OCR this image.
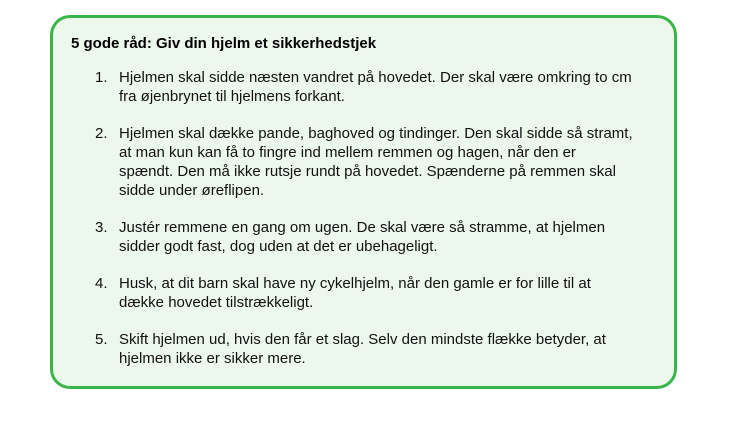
5 gode råd: Giv din hjelm et sikkerhedstjek
1. Hjelmen skal sidde næsten vandret på hovedet. Der skal være omkring to cm fra øjenbrynet til hjelmens forkant.
2. Hjelmen skal dække pande, baghoved og tindinger. Den skal sidde så stramt, at man kun kan få to fingre ind mellem remmen og hagen, når den er spændt. Den må ikke rutsje rundt på hovedet. Spænderne på remmen skal sidde under øreflipen.
3. Justér remmene en gang om ugen. De skal være så stramme, at hjelmen sidder godt fast, dog uden at det er ubehageligt.
4. Husk, at dit barn skal have ny cykelhjelm, når den gamle er for lille til at dække hovedet tilstrækkeligt.
5. Skift hjelmen ud, hvis den får et slag. Selv den mindste flække betyder, at hjelmen ikke er sikker mere.
